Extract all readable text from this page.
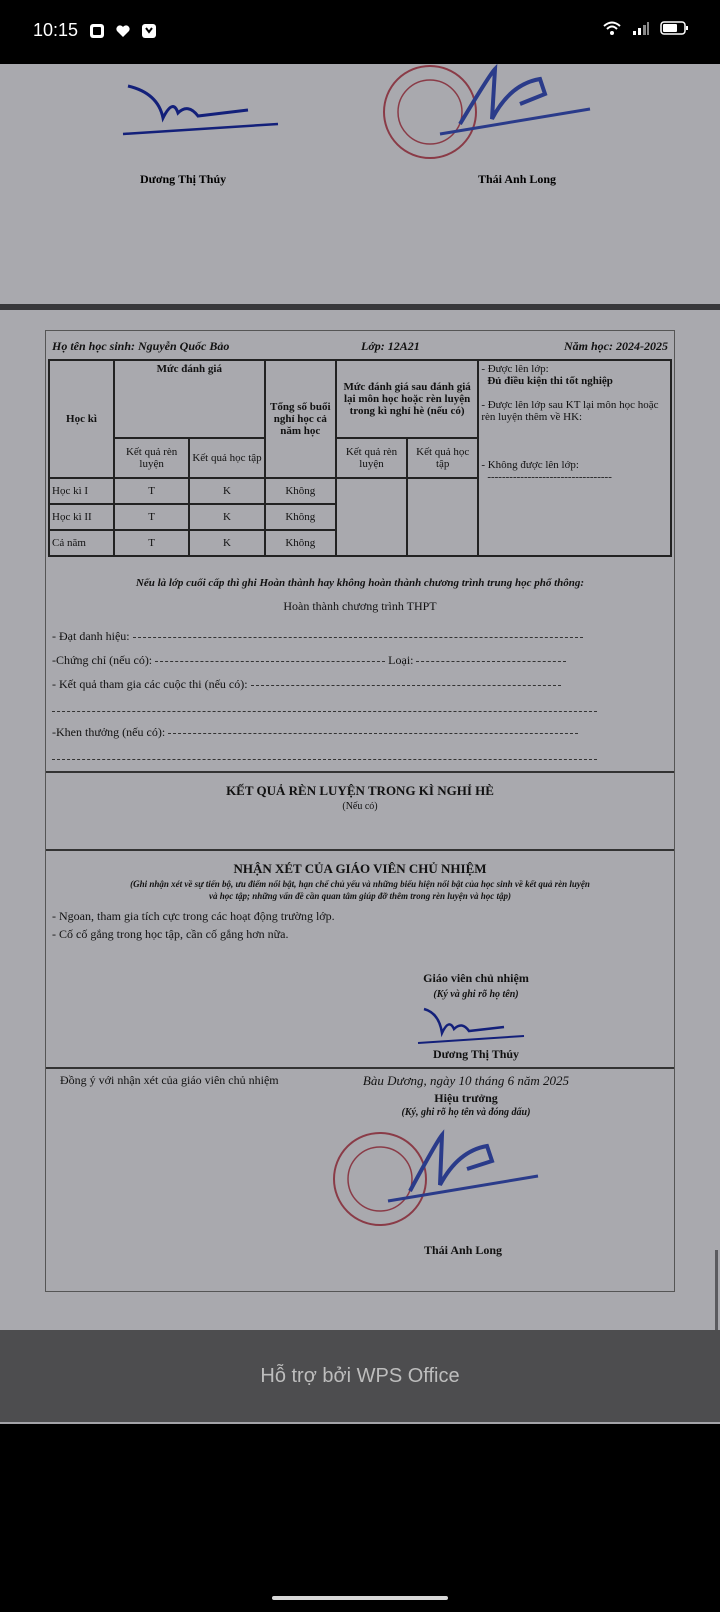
10:15
Dương Thị Thúy	Thái Anh Long
Họ tên học sinh: Nguyễn Quốc Bảo	Lớp: 12A21	Năm học: 2024-2025
Học kì	Mức đánh giá		Tổng số buổi nghỉ học cả năm học	Mức đánh giá sau đánh giá lại môn học hoặc rèn luyện trong kì nghỉ hè (nếu có)		- Được lên lớp:
Đủ điều kiện thi tốt nghiệp
- Được lên lớp sau KT lại môn học hoặc rèn luyện thêm về HK:
- Không được lên lớp:
----------------------------------

	Kết quả rèn luyện	Kết quả học tập		Kết quả rèn luyện	Kết quả học tập	
Học kì I	T	K	Không			
Học kì II	T	K	Không			
Cả năm	T	K	Không			
Nếu là lớp cuối cấp thì ghi Hoàn thành hay không hoàn thành chương trình trung học phổ thông:
Hoàn thành chương trình THPT
- Đạt danh hiệu:
-Chứng chỉ (nếu có):	Loại:
- Kết quả tham gia các cuộc thi (nếu có):
-Khen thưởng (nếu có):
KẾT QUẢ RÈN LUYỆN TRONG KÌ NGHỈ HÈ
(Nếu có)
NHẬN XÉT CỦA GIÁO VIÊN CHỦ NHIỆM
(Ghi nhận xét về sự tiến bộ, ưu điểm nổi bật, hạn chế chủ yếu và những biểu hiện nổi bật của học sinh về kết quả rèn luyện
và học tập; những vấn đề cần quan tâm giúp đỡ thêm trong rèn luyện và học tập)
- Ngoan, tham gia tích cực trong các hoạt động trường lớp.
- Cố cố gắng trong học tập, cần cố gắng hơn nữa.
Giáo viên chủ nhiệm
(Ký và ghi rõ họ tên)
Dương Thị Thúy
Đồng ý với nhận xét của giáo viên chủ nhiệm	Bàu Dương, ngày 10 tháng 6 năm 2025
Hiệu trưởng
(Ký, ghi rõ họ tên và đóng dấu)
Thái Anh Long
Hỗ trợ bởi WPS Office
